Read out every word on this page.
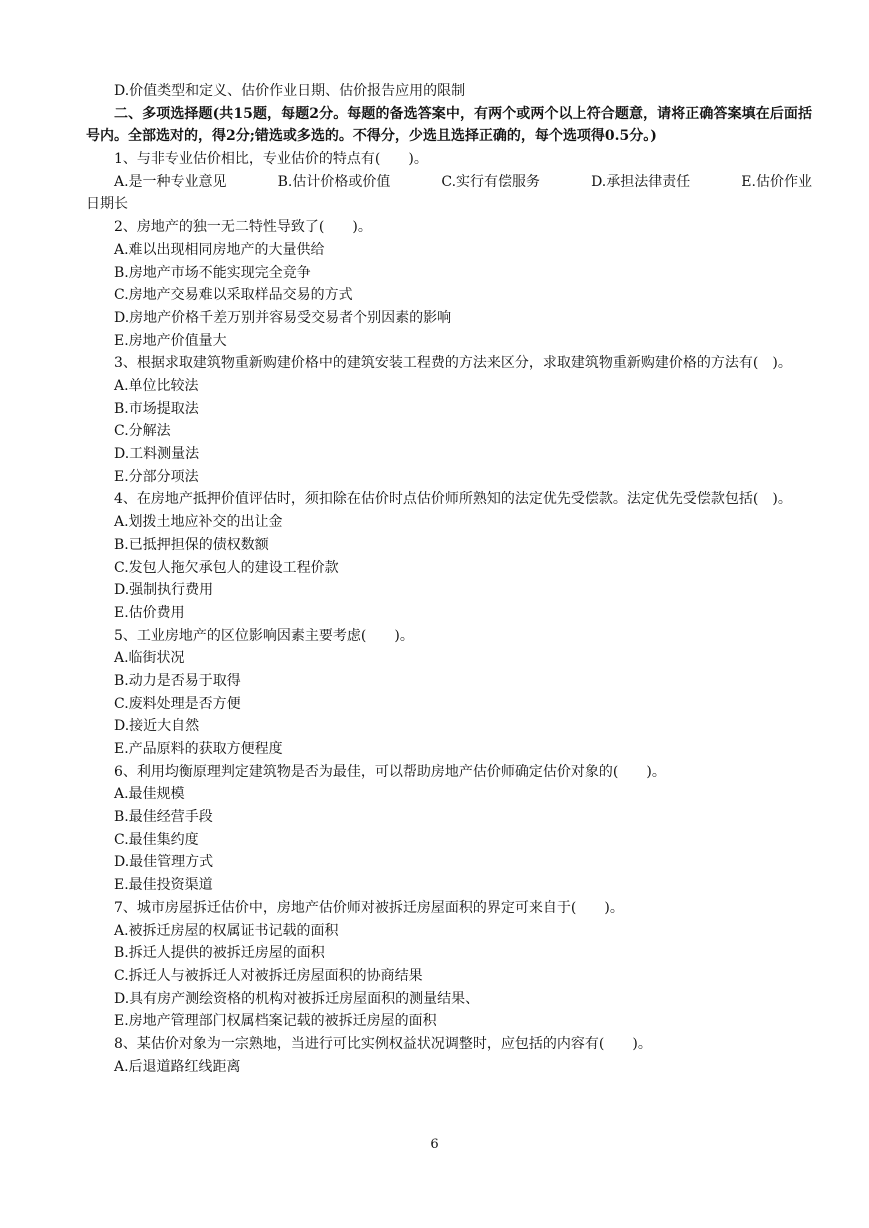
D.价值类型和定义、估价作业日期、估价报告应用的限制
二、多项选择题(共15题，每题2分。每题的备选答案中，有两个或两个以上符合题意，请将正确答案填在后面括号内。全部选对的，得2分;错选或多选的。不得分，少选且选择正确的，每个选项得0.5分。)
1、与非专业估价相比，专业估价的特点有(　　)。
A.是一种专业意见	B.估计价格或价值	C.实行有偿服务	D.承担法律责任	E.估价作业
日期长
2、房地产的独一无二特性导致了(　　)。
A.难以出现相同房地产的大量供给
B.房地产市场不能实现完全竞争
C.房地产交易难以采取样品交易的方式
D.房地产价格千差万别并容易受交易者个别因素的影响
E.房地产价值量大
3、根据求取建筑物重新购建价格中的建筑安装工程费的方法来区分，求取建筑物重新购建价格的方法有(　)。
A.单位比较法
B.市场提取法
C.分解法
D.工料测量法
E.分部分项法
4、在房地产抵押价值评估时，须扣除在估价时点估价师所熟知的法定优先受偿款。法定优先受偿款包括(　)。
A.划拨土地应补交的出让金
B.已抵押担保的债权数额
C.发包人拖欠承包人的建设工程价款
D.强制执行费用
E.估价费用
5、工业房地产的区位影响因素主要考虑(　　)。
A.临街状况
B.动力是否易于取得
C.废料处理是否方便
D.接近大自然
E.产品原料的获取方便程度
6、利用均衡原理判定建筑物是否为最佳，可以帮助房地产估价师确定估价对象的(　　)。
A.最佳规模
B.最佳经营手段
C.最佳集约度
D.最佳管理方式
E.最佳投资渠道
7、城市房屋拆迁估价中，房地产估价师对被拆迁房屋面积的界定可来自于(　　)。
A.被拆迁房屋的权属证书记载的面积
B.拆迁人提供的被拆迁房屋的面积
C.拆迁人与被拆迁人对被拆迁房屋面积的协商结果
D.具有房产测绘资格的机构对被拆迁房屋面积的测量结果、
E.房地产管理部门权属档案记载的被拆迁房屋的面积
8、某估价对象为一宗熟地，当进行可比实例权益状况调整时，应包括的内容有(　　)。
A.后退道路红线距离
6
